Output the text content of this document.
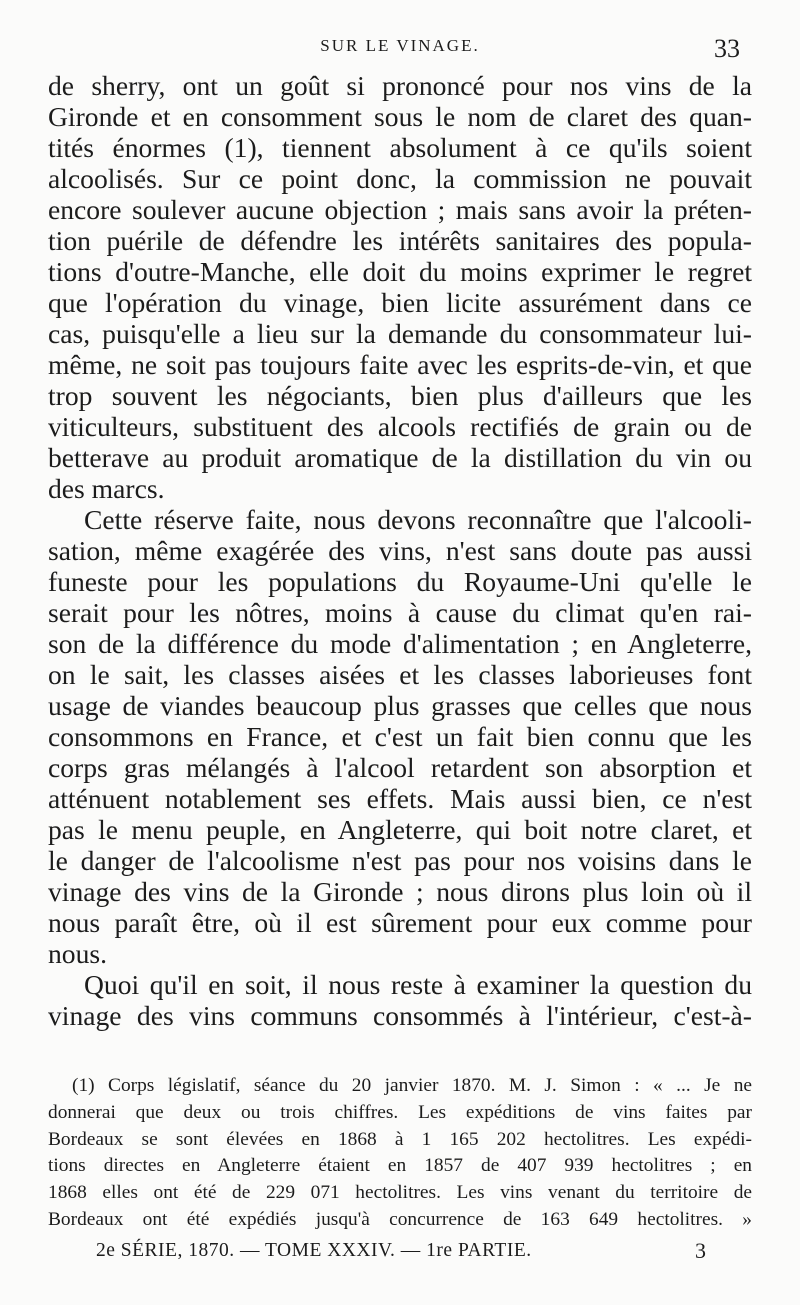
SUR LE VINAGE.	33
de sherry, ont un goût si prononcé pour nos vins de la
Gironde et en consomment sous le nom de claret des quan-
tités énormes (1), tiennent absolument à ce qu'ils soient
alcoolisés. Sur ce point donc, la commission ne pouvait
encore soulever aucune objection ; mais sans avoir la préten-
tion puérile de défendre les intérêts sanitaires des popula-
tions d'outre-Manche, elle doit du moins exprimer le regret
que l'opération du vinage, bien licite assurément dans ce
cas, puisqu'elle a lieu sur la demande du consommateur lui-
même, ne soit pas toujours faite avec les esprits-de-vin, et que
trop souvent les négociants, bien plus d'ailleurs que les
viticulteurs, substituent des alcools rectifiés de grain ou de
betterave au produit aromatique de la distillation du vin ou
des marcs.
Cette réserve faite, nous devons reconnaître que l'alcooli-
sation, même exagérée des vins, n'est sans doute pas aussi
funeste pour les populations du Royaume-Uni qu'elle le
serait pour les nôtres, moins à cause du climat qu'en rai-
son de la différence du mode d'alimentation ; en Angleterre,
on le sait, les classes aisées et les classes laborieuses font
usage de viandes beaucoup plus grasses que celles que nous
consommons en France, et c'est un fait bien connu que les
corps gras mélangés à l'alcool retardent son absorption et
atténuent notablement ses effets. Mais aussi bien, ce n'est
pas le menu peuple, en Angleterre, qui boit notre claret, et
le danger de l'alcoolisme n'est pas pour nos voisins dans le
vinage des vins de la Gironde ; nous dirons plus loin où il
nous paraît être, où il est sûrement pour eux comme pour
nous.
Quoi qu'il en soit, il nous reste à examiner la question du
vinage des vins communs consommés à l'intérieur, c'est-à-
(1) Corps législatif, séance du 20 janvier 1870. M. J. Simon : « ... Je ne
donnerai que deux ou trois chiffres. Les expéditions de vins faites par
Bordeaux se sont élevées en 1868 à 1 165 202 hectolitres. Les expédi-
tions directes en Angleterre étaient en 1857 de 407 939 hectolitres ; en
1868 elles ont été de 229 071 hectolitres. Les vins venant du territoire de
Bordeaux ont été expédiés jusqu'à concurrence de 163 649 hectolitres. »
2e SÉRIE, 1870. — TOME XXXIV. — 1re PARTIE.	3
